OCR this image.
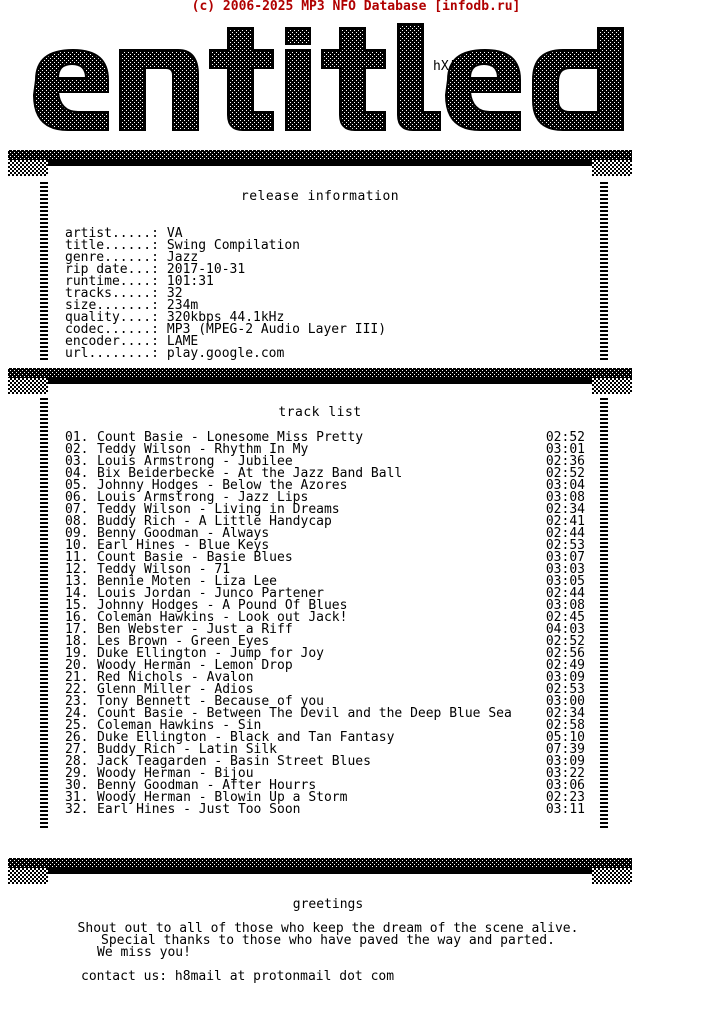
(c) 2006-2025 MP3 NFO Database [infodb.ru]
hX!
release information
artist.....: VA
title......: Swing Compilation
genre......: Jazz
rip date...: 2017-10-31
runtime....: 101:31
tracks.....: 32
size.......: 234m
quality....: 320kbps 44.1kHz
codec......: MP3 (MPEG-2 Audio Layer III)
encoder....: LAME
url........: play.google.com
track list
01. Count Basie - Lonesome Miss Pretty	02:52
02. Teddy Wilson - Rhythm In My	03:01
03. Louis Armstrong - Jubilee	02:36
04. Bix Beiderbecke - At the Jazz Band Ball	02:52
05. Johnny Hodges - Below the Azores	03:04
06. Louis Armstrong - Jazz Lips	03:08
07. Teddy Wilson - Living in Dreams	02:34
08. Buddy Rich - A Little Handycap	02:41
09. Benny Goodman - Always	02:44
10. Earl Hines - Blue Keys	02:53
11. Count Basie - Basie Blues	03:07
12. Teddy Wilson - 71	03:03
13. Bennie Moten - Liza Lee	03:05
14. Louis Jordan - Junco Partener	02:44
15. Johnny Hodges - A Pound Of Blues	03:08
16. Coleman Hawkins - Look out Jack!	02:45
17. Ben Webster - Just a Riff	04:03
18. Les Brown - Green Eyes	02:52
19. Duke Ellington - Jump for Joy	02:56
20. Woody Herman - Lemon Drop	02:49
21. Red Nichols - Avalon	03:09
22. Glenn Miller - Adios	02:53
23. Tony Bennett - Because of you	03:00
24. Count Basie - Between The Devil and the Deep Blue Sea	02:34
25. Coleman Hawkins - Sin	02:58
26. Duke Ellington - Black and Tan Fantasy	05:10
27. Buddy Rich - Latin Silk	07:39
28. Jack Teagarden - Basin Street Blues	03:09
29. Woody Herman - Bijou	03:22
30. Benny Goodman - After Hourrs	03:06
31. Woody Herman - Blowin Up a Storm	02:23
32. Earl Hines - Just Too Soon	03:11
greetings
Shout out to all of those who keep the dream of the scene alive.
Special thanks to those who have paved the way and parted.
We miss you!
contact us: h8mail at protonmail dot com
